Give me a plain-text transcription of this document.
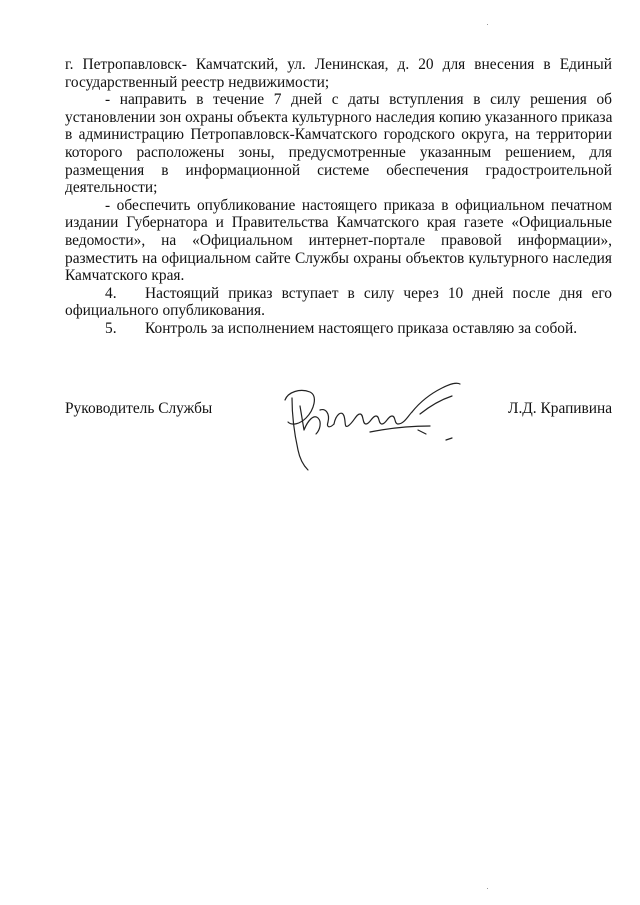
г. Петропавловск- Камчатский, ул. Ленинская, д. 20 для внесения в Единый
государственный реестр недвижимости;
- направить в течение 7 дней с даты вступления в силу решения об
установлении зон охраны объекта культурного наследия копию указанного приказа
в администрацию Петропавловск-Камчатского городского округа, на территории
которого расположены зоны, предусмотренные указанным решением, для
размещения в информационной системе обеспечения градостроительной
деятельности;
- обеспечить опубликование настоящего приказа в официальном печатном
издании Губернатора и Правительства Камчатского края газете «Официальные
ведомости», на «Официальном интернет-портале правовой информации»,
разместить на официальном сайте Службы охраны объектов культурного наследия
Камчатского края.
4.	Настоящий приказ вступает в силу через 10 дней после дня его
официального опубликования.
5. Контроль за исполнением настоящего приказа оставляю за собой.
Руководитель Службы	Л.Д. Крапивина
